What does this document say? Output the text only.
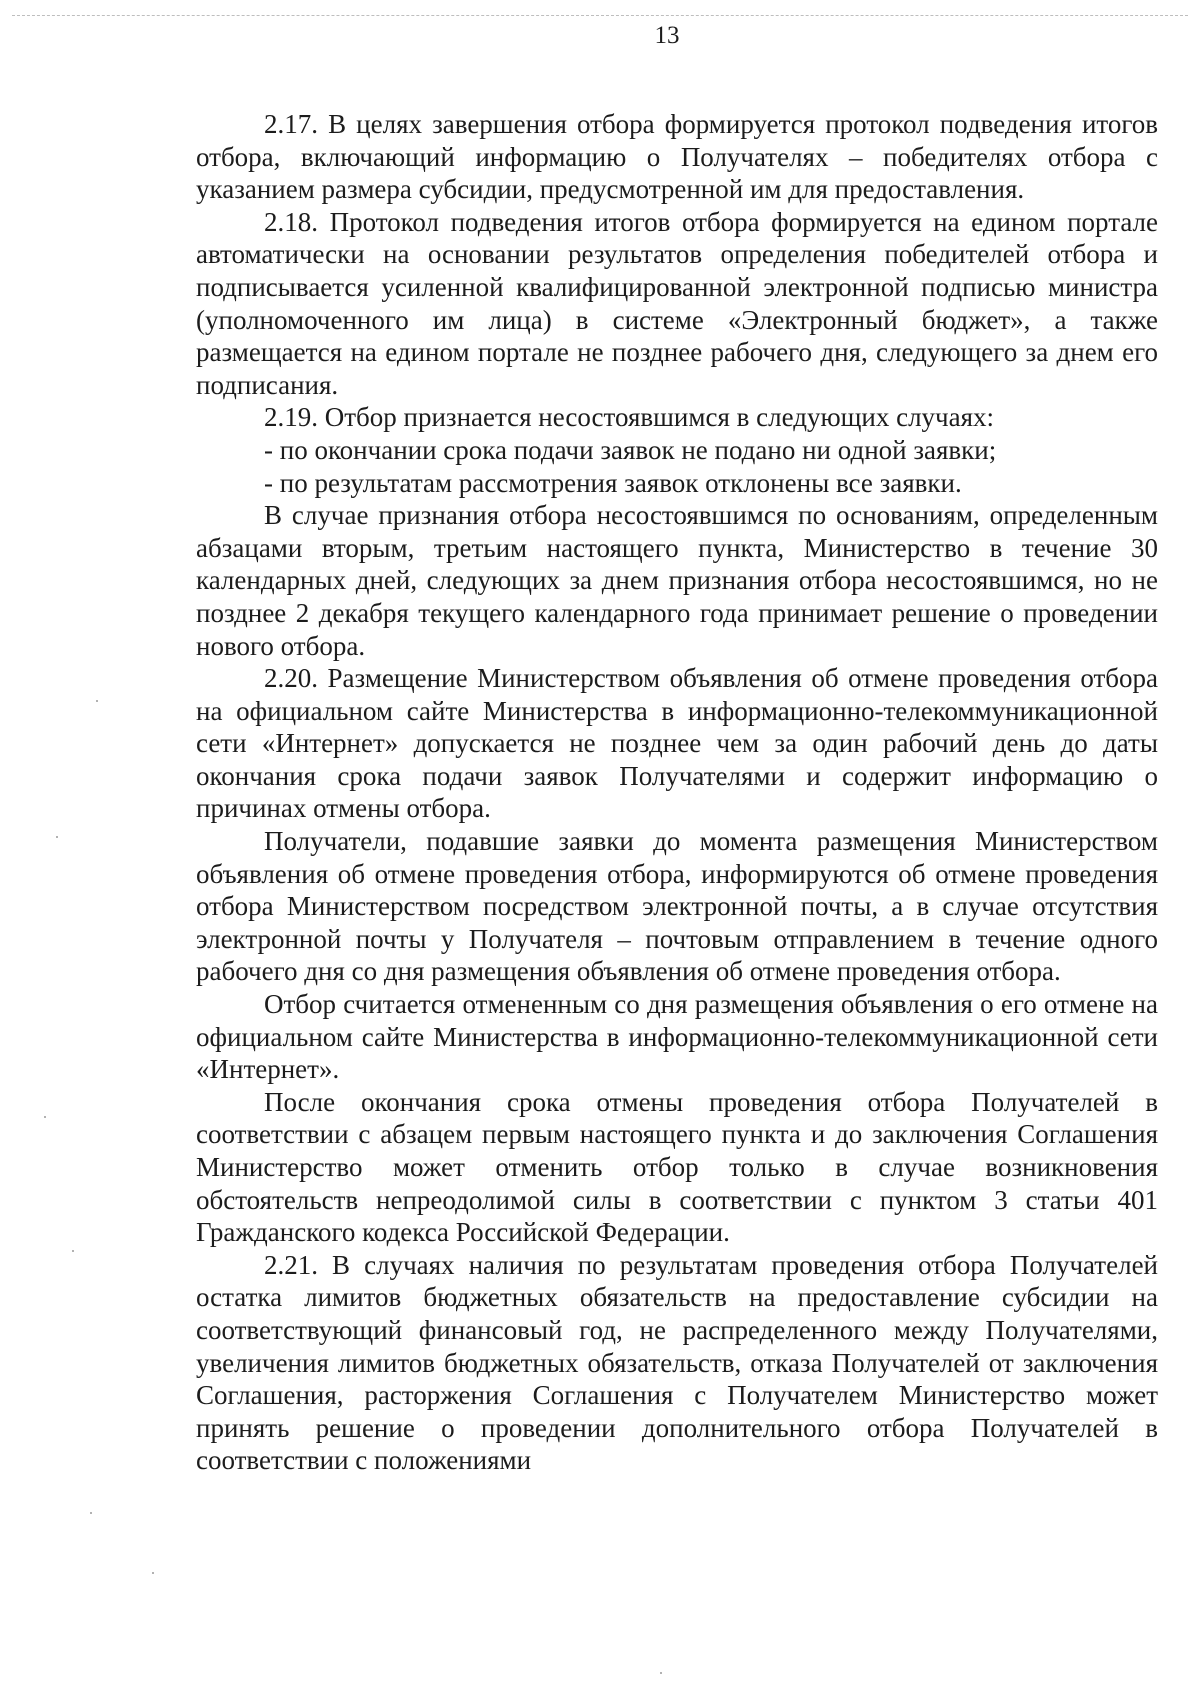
13

2.17. В целях завершения отбора формируется протокол подведения итогов отбора, включающий информацию о Получателях – победителях отбора с указанием размера субсидии, предусмотренной им для предоставления.

2.18. Протокол подведения итогов отбора формируется на едином портале автоматически на основании результатов определения победителей отбора и подписывается усиленной квалифицированной электронной подписью министра (уполномоченного им лица) в системе «Электронный бюджет», а также размещается на едином портале не позднее рабочего дня, следующего за днем его подписания.

2.19. Отбор признается несостоявшимся в следующих случаях:

- по окончании срока подачи заявок не подано ни одной заявки;

- по результатам рассмотрения заявок отклонены все заявки.

В случае признания отбора несостоявшимся по основаниям, определенным абзацами вторым, третьим настоящего пункта, Министерство в течение 30 календарных дней, следующих за днем признания отбора несостоявшимся, но не позднее 2 декабря текущего календарного года принимает решение о проведении нового отбора.

2.20. Размещение Министерством объявления об отмене проведения отбора на официальном сайте Министерства в информационно-телекоммуникационной сети «Интернет» допускается не позднее чем за один рабочий день до даты окончания срока подачи заявок Получателями и содержит информацию о причинах отмены отбора.

Получатели, подавшие заявки до момента размещения Министерством объявления об отмене проведения отбора, информируются об отмене проведения отбора Министерством посредством электронной почты, а в случае отсутствия электронной почты у Получателя – почтовым отправлением в течение одного рабочего дня со дня размещения объявления об отмене проведения отбора.

Отбор считается отмененным со дня размещения объявления о его отмене на официальном сайте Министерства в информационно-телекоммуникационной сети «Интернет».

После окончания срока отмены проведения отбора Получателей в соответствии с абзацем первым настоящего пункта и до заключения Соглашения Министерство может отменить отбор только в случае возникновения обстоятельств непреодолимой силы в соответствии с пунктом 3 статьи 401 Гражданского кодекса Российской Федерации.

2.21. В случаях наличия по результатам проведения отбора Получателей остатка лимитов бюджетных обязательств на предоставление субсидии на соответствующий финансовый год, не распределенного между Получателями, увеличения лимитов бюджетных обязательств, отказа Получателей от заключения Соглашения, расторжения Соглашения с Получателем Министерство может принять решение о проведении дополнительного отбора Получателей в соответствии с положениями
